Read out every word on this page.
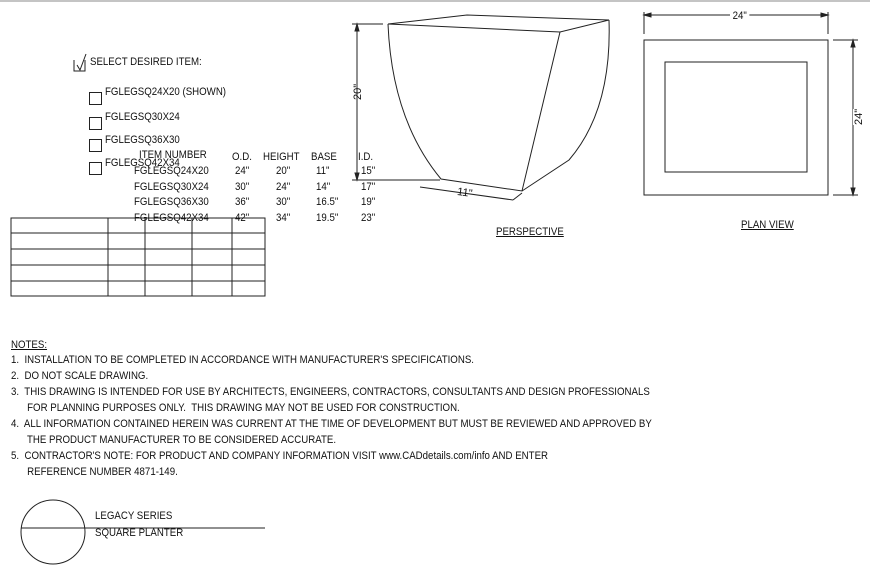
SELECT DESIRED ITEM:
FGLEGSQ24X20 (SHOWN)
FGLEGSQ30X24
FGLEGSQ36X30
FGLEGSQ42X34
ITEM NUMBER O.D. HEIGHT BASE I.D.
FGLEGSQ24X20 24" 20" 11"	15"
FGLEGSQ30X24 30" 24" 14"	17"
FGLEGSQ36X30 36" 30" 16.5" 19"
FGLEGSQ42X34 42" 34" 19.5" 23"
20"
11"
PERSPECTIVE
24"
24"
PLAN VIEW
NOTES:
1.  INSTALLATION TO BE COMPLETED IN ACCORDANCE WITH MANUFACTURER'S SPECIFICATIONS.
2.  DO NOT SCALE DRAWING.
3.  THIS DRAWING IS INTENDED FOR USE BY ARCHITECTS, ENGINEERS, CONTRACTORS, CONSULTANTS AND DESIGN PROFESSIONALS
FOR PLANNING PURPOSES ONLY.  THIS DRAWING MAY NOT BE USED FOR CONSTRUCTION.
4.  ALL INFORMATION CONTAINED HEREIN WAS CURRENT AT THE TIME OF DEVELOPMENT BUT MUST BE REVIEWED AND APPROVED BY
THE PRODUCT MANUFACTURER TO BE CONSIDERED ACCURATE.
5.  CONTRACTOR'S NOTE: FOR PRODUCT AND COMPANY INFORMATION VISIT www.CADdetails.com/info AND ENTER
REFERENCE NUMBER 4871-149.
LEGACY SERIES
SQUARE PLANTER
